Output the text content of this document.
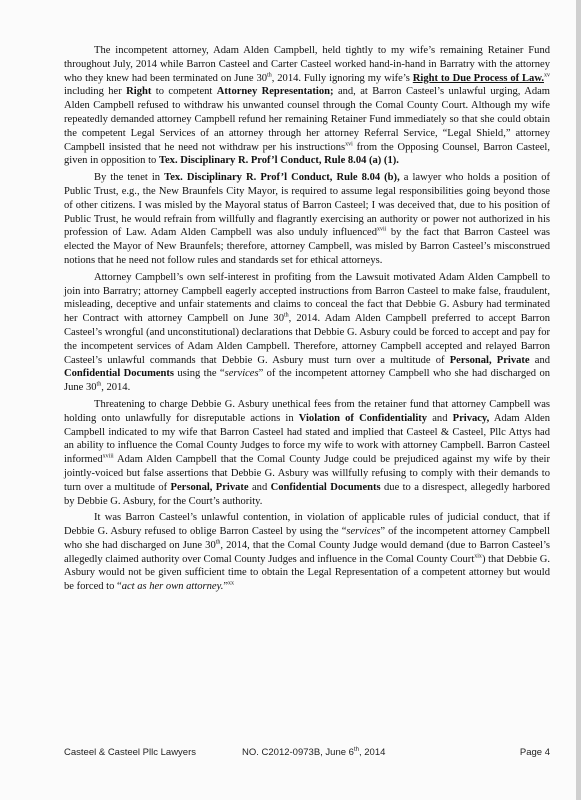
The incompetent attorney, Adam Alden Campbell, held tightly to my wife’s remaining Retainer Fund throughout July, 2014 while Barron Casteel and Carter Casteel worked hand-in-hand in Barratry with the attorney who they knew had been terminated on June 30th, 2014. Fully ignoring my wife’s Right to Due Process of Law.$^{xv}$ including her Right to competent Attorney Representation; and, at Barron Casteel’s unlawful urging, Adam Alden Campbell refused to withdraw his unwanted counsel through the Comal County Court. Although my wife repeatedly demanded attorney Campbell refund her remaining Retainer Fund immediately so that she could obtain the competent Legal Services of an attorney through her attorney Referral Service, “Legal Shield,” attorney Campbell insisted that he need not withdraw per his instructions$^{xvi}$ from the Opposing Counsel, Barron Casteel, given in opposition to Tex. Disciplinary R. Prof’l Conduct, Rule 8.04 (a) (1).

By the tenet in Tex. Disciplinary R. Prof’l Conduct, Rule 8.04 (b), a lawyer who holds a position of Public Trust, e.g., the New Braunfels City Mayor, is required to assume legal responsibilities going beyond those of other citizens. I was misled by the Mayoral status of Barron Casteel; I was deceived that, due to his position of Public Trust, he would refrain from willfully and flagrantly exercising an authority or power not authorized in his profession of Law. Adam Alden Campbell was also unduly influenced$^{xvii}$ by the fact that Barron Casteel was elected the Mayor of New Braunfels; therefore, attorney Campbell, was misled by Barron Casteel’s misconstrued notions that he need not follow rules and standards set for ethical attorneys.

Attorney Campbell’s own self-interest in profiting from the Lawsuit motivated Adam Alden Campbell to join into Barratry; attorney Campbell eagerly accepted instructions from Barron Casteel to make false, fraudulent, misleading, deceptive and unfair statements and claims to conceal the fact that Debbie G. Asbury had terminated her Contract with attorney Campbell on June 30th, 2014. Adam Alden Campbell preferred to accept Barron Casteel’s wrongful (and unconstitutional) declarations that Debbie G. Asbury could be forced to accept and pay for the incompetent services of Adam Alden Campbell. Therefore, attorney Campbell accepted and relayed Barron Casteel’s unlawful commands that Debbie G. Asbury must turn over a multitude of Personal, Private and Confidential Documents using the “services” of the incompetent attorney Campbell who she had discharged on June 30th, 2014.

Threatening to charge Debbie G. Asbury unethical fees from the retainer fund that attorney Campbell was holding onto unlawfully for disreputable actions in Violation of Confidentiality and Privacy, Adam Alden Campbell indicated to my wife that Barron Casteel had stated and implied that Casteel & Casteel, Pllc Attys had an ability to influence the Comal County Judges to force my wife to work with attorney Campbell. Barron Casteel informed$^{xviii}$ Adam Alden Campbell that the Comal County Judge could be prejudiced against my wife by their jointly-voiced but false assertions that Debbie G. Asbury was willfully refusing to comply with their demands to turn over a multitude of Personal, Private and Confidential Documents due to a disrespect, allegedly harbored by Debbie G. Asbury, for the Court’s authority.

It was Barron Casteel’s unlawful contention, in violation of applicable rules of judicial conduct, that if Debbie G. Asbury refused to oblige Barron Casteel by using the “services” of the incompetent attorney Campbell who she had discharged on June 30th, 2014, that the Comal County Judge would demand (due to Barron Casteel’s allegedly claimed authority over Comal County Judges and influence in the Comal County Court$^{xix}$) that Debbie G. Asbury would not be given sufficient time to obtain the Legal Representation of a competent attorney but would be forced to “act as her own attorney.”$^{xx}$

Casteel & Casteel Pllc Lawyers	NO. C2012-0973B, June 6th, 2014	Page 4
